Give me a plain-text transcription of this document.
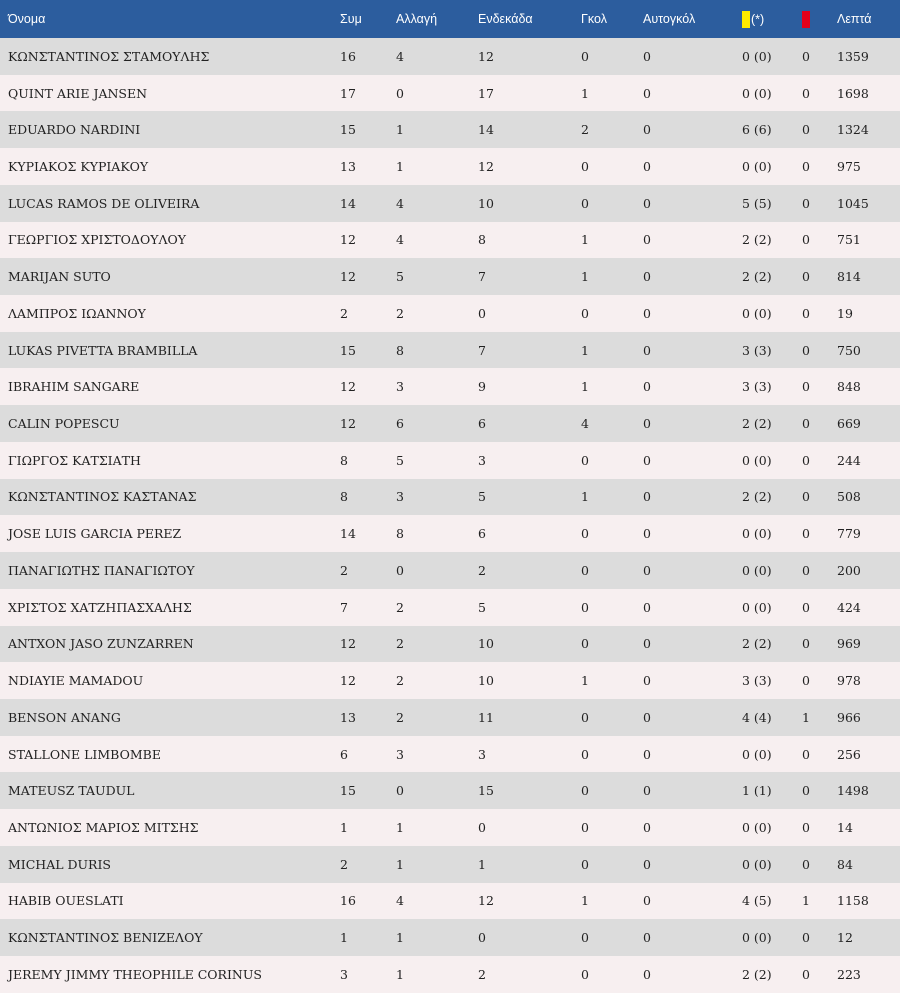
Όνομα	Συμ	Αλλαγή	Ενδεκάδα	Γκολ	Αυτογκόλ	(*)		Λεπτά
ΚΩΝΣΤΑΝΤΙΝΟΣ ΣΤΑΜΟΥΛΗΣ	16	4	12	0	0	0 (0)	0	1359
QUINT ARIE JANSEN	17	0	17	1	0	0 (0)	0	1698
EDUARDO NARDINI	15	1	14	2	0	6 (6)	0	1324
ΚΥΡΙΑΚΟΣ ΚΥΡΙΑΚΟΥ	13	1	12	0	0	0 (0)	0	975
LUCAS RAMOS DE OLIVEIRA	14	4	10	0	0	5 (5)	0	1045
ΓΕΩΡΓΙΟΣ ΧΡΙΣΤΟΔΟΥΛΟΥ	12	4	8	1	0	2 (2)	0	751
MARIJAN SUTO	12	5	7	1	0	2 (2)	0	814
ΛΑΜΠΡΟΣ ΙΩΑΝΝΟΥ	2	2	0	0	0	0 (0)	0	19
LUKAS PIVETTA BRAMBILLA	15	8	7	1	0	3 (3)	0	750
IBRAHIM SANGARE	12	3	9	1	0	3 (3)	0	848
CALIN POPESCU	12	6	6	4	0	2 (2)	0	669
ΓΙΩΡΓΟΣ ΚΑΤΣΙΑΤΗ	8	5	3	0	0	0 (0)	0	244
ΚΩΝΣΤΑΝΤΙΝΟΣ ΚΑΣΤΑΝΑΣ	8	3	5	1	0	2 (2)	0	508
JOSE LUIS GARCIA PEREZ	14	8	6	0	0	0 (0)	0	779
ΠΑΝΑΓΙΩΤΗΣ ΠΑΝΑΓΙΩΤΟΥ	2	0	2	0	0	0 (0)	0	200
ΧΡΙΣΤΟΣ ΧΑΤΖΗΠΑΣΧΑΛΗΣ	7	2	5	0	0	0 (0)	0	424
ANTXON JASO ZUNZARREN	12	2	10	0	0	2 (2)	0	969
NDIAYIE MAMADOU	12	2	10	1	0	3 (3)	0	978
BENSON ANANG	13	2	11	0	0	4 (4)	1	966
STALLONE LIMBOMBE	6	3	3	0	0	0 (0)	0	256
MATEUSZ TAUDUL	15	0	15	0	0	1 (1)	0	1498
ΑΝΤΩΝΙΟΣ ΜΑΡΙΟΣ ΜΙΤΣΗΣ	1	1	0	0	0	0 (0)	0	14
MICHAL DURIS	2	1	1	0	0	0 (0)	0	84
HABIB OUESLATI	16	4	12	1	0	4 (5)	1	1158
ΚΩΝΣΤΑΝΤΙΝΟΣ ΒΕΝΙΖΕΛΟΥ	1	1	0	0	0	0 (0)	0	12
JEREMY JIMMY THEOPHILE CORINUS	3	1	2	0	0	2 (2)	0	223
